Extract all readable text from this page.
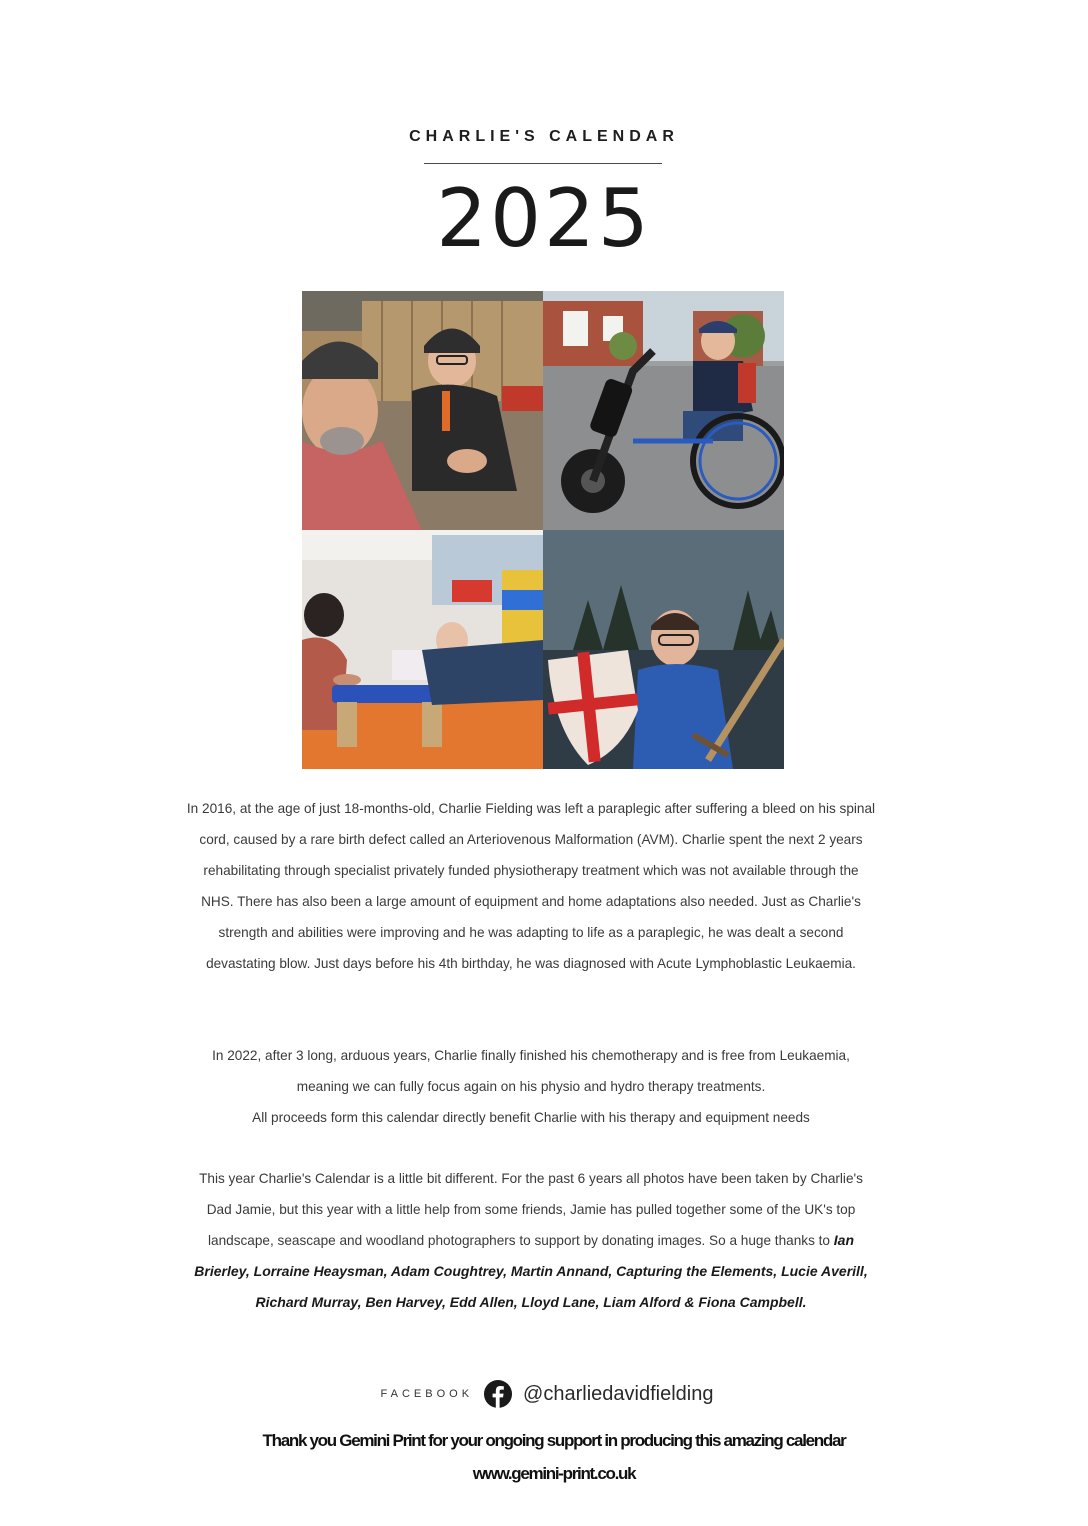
CHARLIE'S CALENDAR
2025
In 2016, at the age of just 18-months-old, Charlie Fielding was left a paraplegic after suffering a bleed on his spinal cord, caused by a rare birth defect called an Arteriovenous Malformation (AVM). Charlie spent the next 2 years rehabilitating through specialist privately funded physiotherapy treatment which was not available through the NHS. There has also been a large amount of equipment and home adaptations also needed. Just as Charlie's strength and abilities were improving and he was adapting to life as a paraplegic, he was dealt a second devastating blow. Just days before his 4th birthday, he was diagnosed with Acute Lymphoblastic Leukaemia.
In 2022, after 3 long, arduous years, Charlie finally finished his chemotherapy and is free from Leukaemia, meaning we can fully focus again on his physio and hydro therapy treatments.
All proceeds form this calendar directly benefit Charlie with his therapy and equipment needs
This year Charlie's Calendar is a little bit different. For the past 6 years all photos have been taken by Charlie's Dad Jamie, but this year with a little help from some friends, Jamie has pulled together some of the UK's top landscape, seascape and woodland photographers to support by donating images. So a huge thanks to Ian Brierley, Lorraine Heaysman, Adam Coughtrey, Martin Annand, Capturing the Elements, Lucie Averill, Richard Murray, Ben Harvey, Edd Allen, Lloyd Lane, Liam Alford & Fiona Campbell.
FACEBOOK	@charliedavidfielding
Thank you Gemini Print for your ongoing support in producing this amazing calendar
www.gemini-print.co.uk
